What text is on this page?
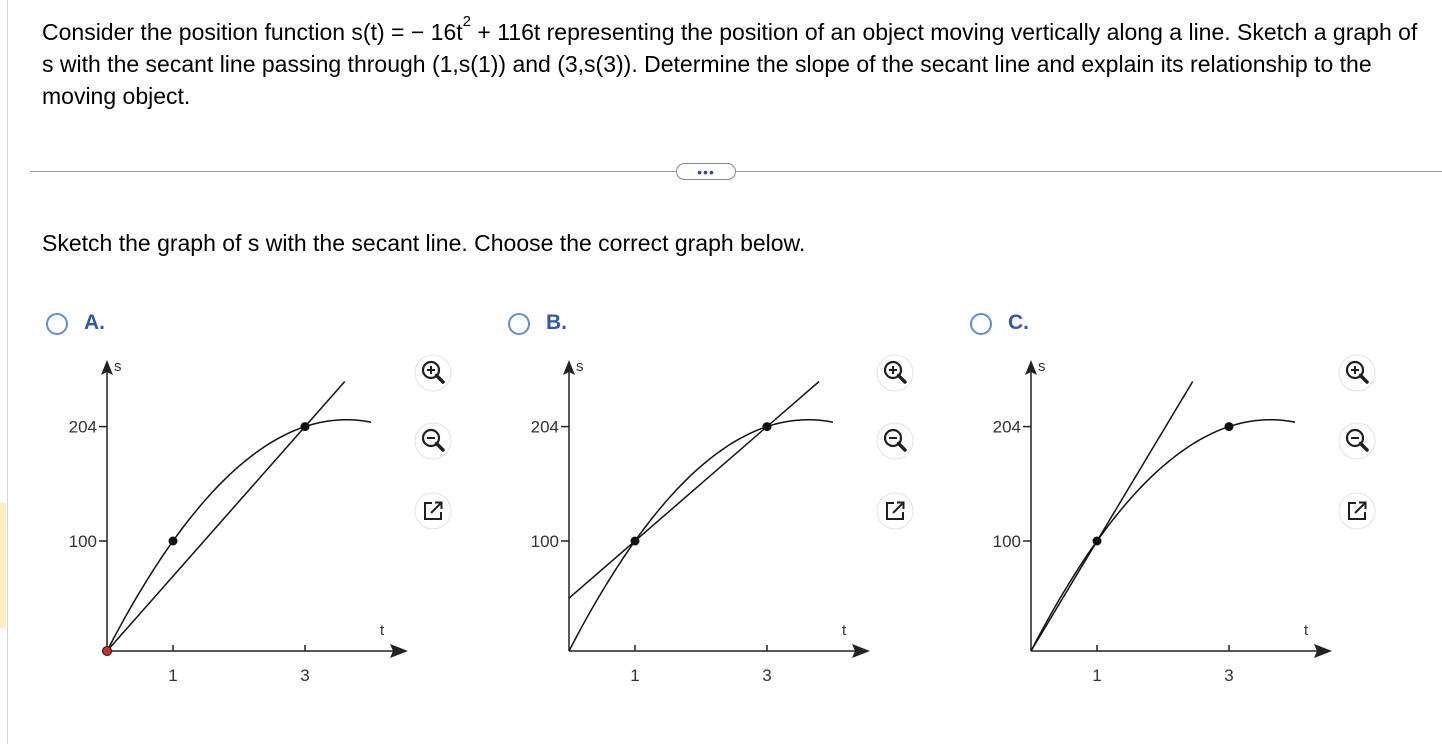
Consider the position function s(t) = − $16t^2 + 116t$ representing the position of an object moving vertically along a line. Sketch a graph of s with the secant line passing through (1,s(1)) and (3,s(3)). Determine the slope of the secant line and explain its relationship to the moving object.

•••

Sketch the graph of s with the secant line. Choose the correct graph below.

A.
s
t
204
100
1	3
B.
s
t
204
100
1	3
C.
s
t
204
100
1	3
